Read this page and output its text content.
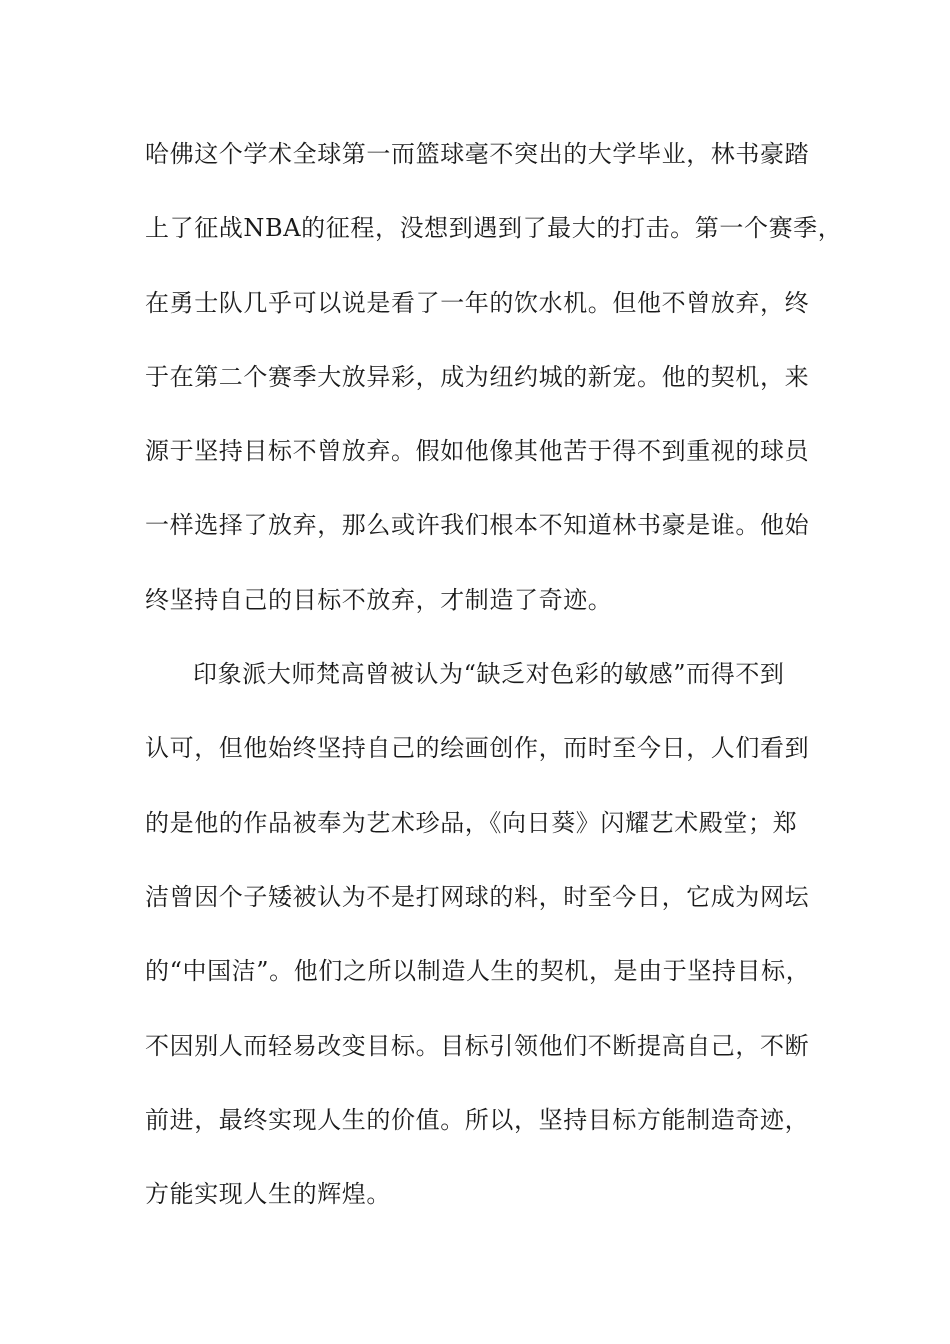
哈佛这个学术全球第一而篮球毫不突出的大学毕业，林书豪踏
上了征战NBA的征程，没想到遇到了最大的打击。第一个赛季，
在勇士队几乎可以说是看了一年的饮水机。但他不曾放弃，终
于在第二个赛季大放异彩，成为纽约城的新宠。他的契机，来
源于坚持目标不曾放弃。假如他像其他苦于得不到重视的球员
一样选择了放弃，那么或许我们根本不知道林书豪是谁。他始
终坚持自己的目标不放弃，才制造了奇迹。
印象派大师梵高曾被认为“缺乏对色彩的敏感”而得不到
认可，但他始终坚持自己的绘画创作，而时至今日，人们看到
的是他的作品被奉为艺术珍品，《向日葵》闪耀艺术殿堂；郑
洁曾因个子矮被认为不是打网球的料，时至今日，它成为网坛
的“中国洁”。他们之所以制造人生的契机，是由于坚持目标，
不因别人而轻易改变目标。目标引领他们不断提高自己，不断
前进，最终实现人生的价值。所以，坚持目标方能制造奇迹，
方能实现人生的辉煌。
